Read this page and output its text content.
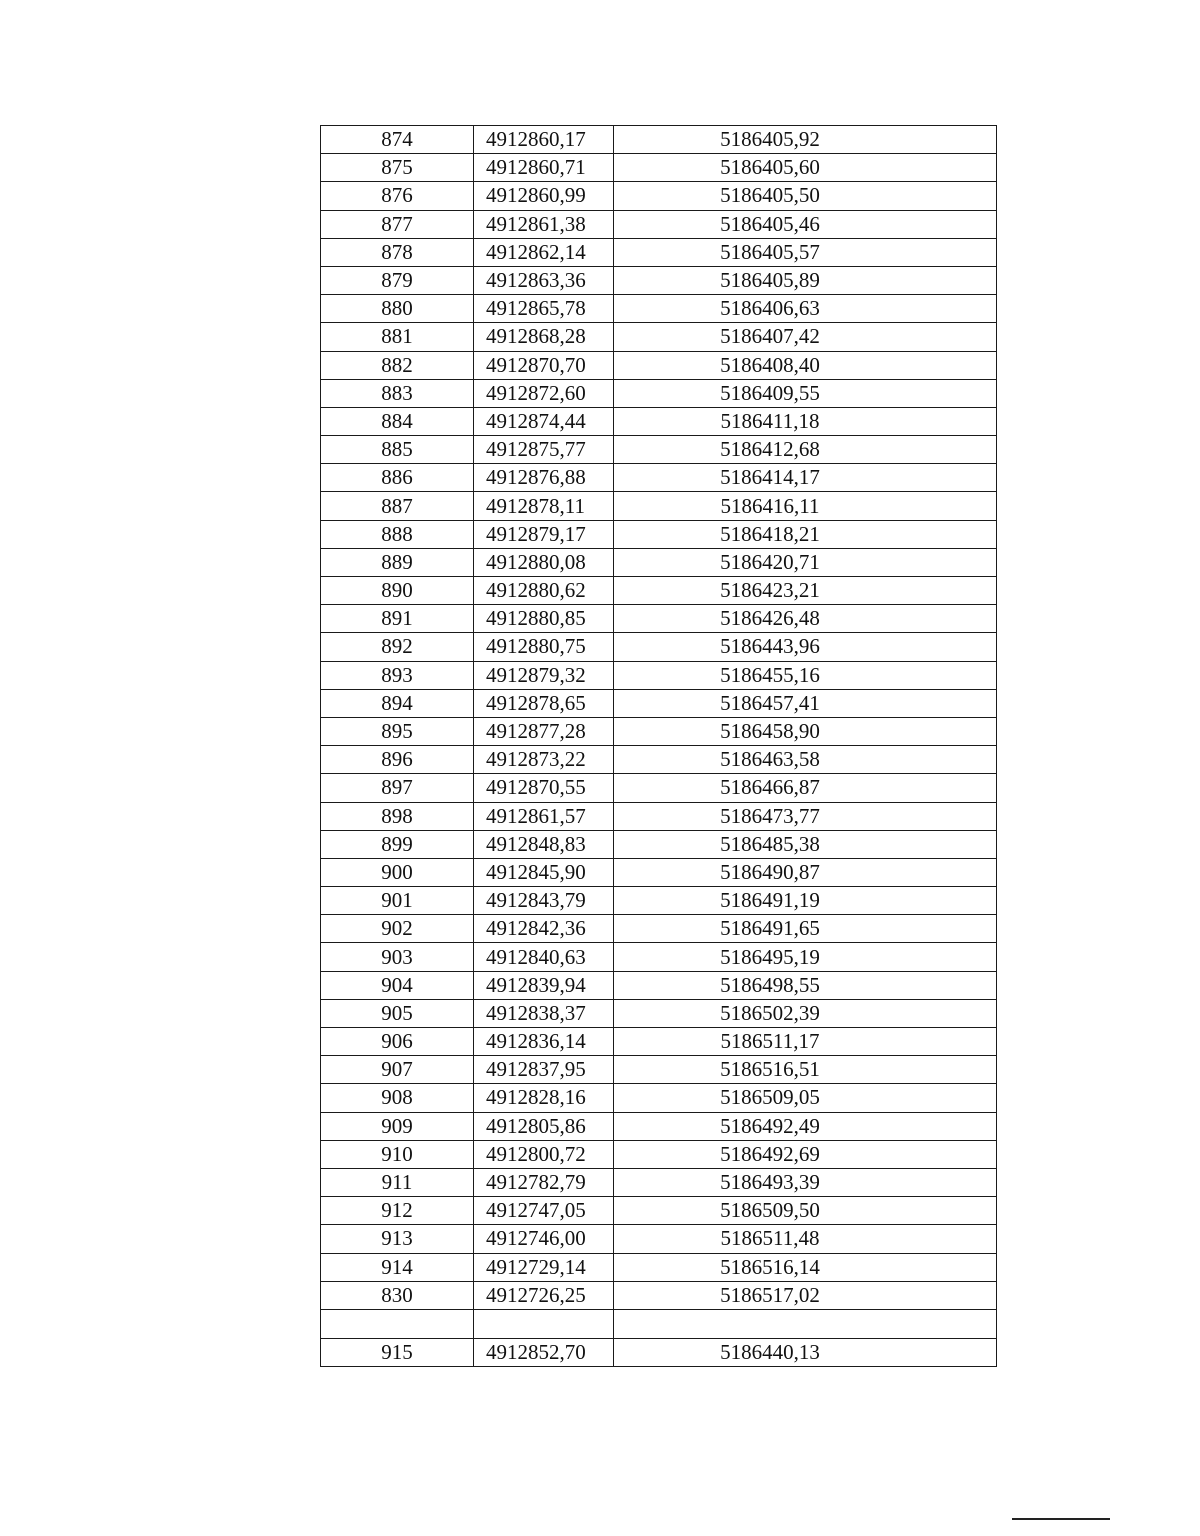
874	4912860,17	5186405,92
875	4912860,71	5186405,60
876	4912860,99	5186405,50
877	4912861,38	5186405,46
878	4912862,14	5186405,57
879	4912863,36	5186405,89
880	4912865,78	5186406,63
881	4912868,28	5186407,42
882	4912870,70	5186408,40
883	4912872,60	5186409,55
884	4912874,44	5186411,18
885	4912875,77	5186412,68
886	4912876,88	5186414,17
887	4912878,11	5186416,11
888	4912879,17	5186418,21
889	4912880,08	5186420,71
890	4912880,62	5186423,21
891	4912880,85	5186426,48
892	4912880,75	5186443,96
893	4912879,32	5186455,16
894	4912878,65	5186457,41
895	4912877,28	5186458,90
896	4912873,22	5186463,58
897	4912870,55	5186466,87
898	4912861,57	5186473,77
899	4912848,83	5186485,38
900	4912845,90	5186490,87
901	4912843,79	5186491,19
902	4912842,36	5186491,65
903	4912840,63	5186495,19
904	4912839,94	5186498,55
905	4912838,37	5186502,39
906	4912836,14	5186511,17
907	4912837,95	5186516,51
908	4912828,16	5186509,05
909	4912805,86	5186492,49
910	4912800,72	5186492,69
911	4912782,79	5186493,39
912	4912747,05	5186509,50
913	4912746,00	5186511,48
914	4912729,14	5186516,14
830	4912726,25	5186517,02

915	4912852,70	5186440,13
